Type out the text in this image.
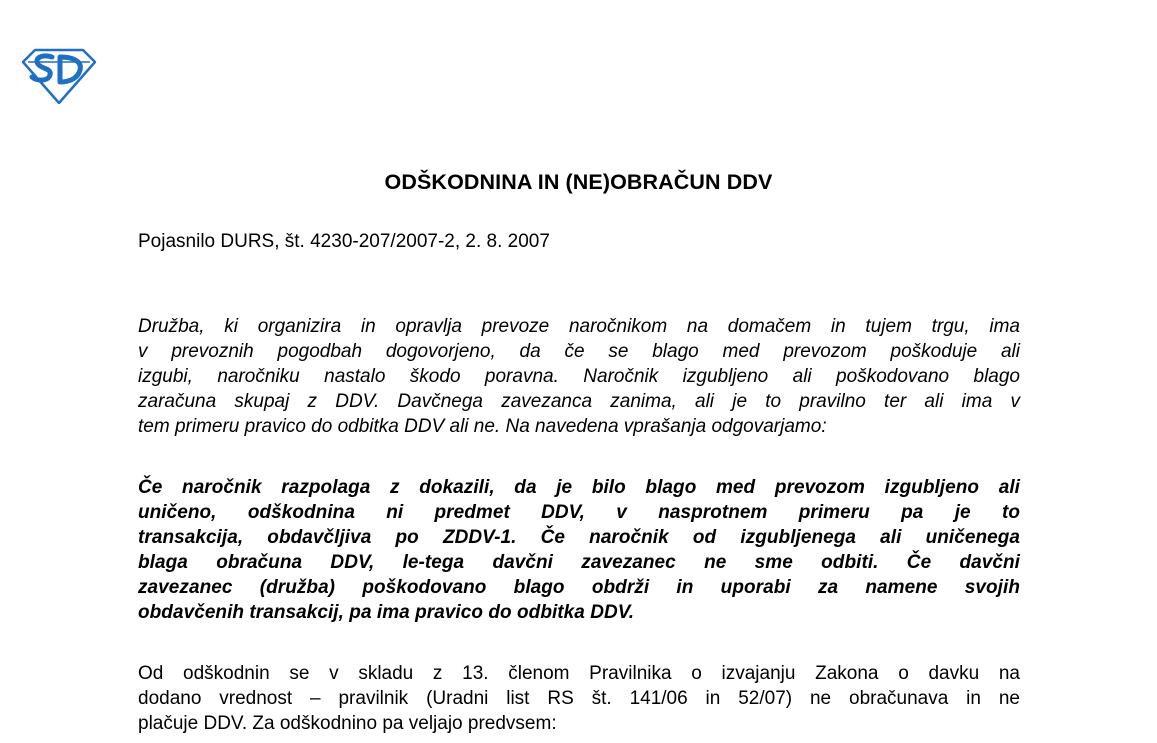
ODŠKODNINA IN (NE)OBRAČUN DDV

Pojasnilo DURS, št. 4230-207/2007-2, 2. 8. 2007

Družba, ki organizira in opravlja prevoze naročnikom na domačem in tujem trgu, ima
v prevoznih pogodbah dogovorjeno, da če se blago med prevozom poškoduje ali
izgubi, naročniku nastalo škodo poravna. Naročnik izgubljeno ali poškodovano blago
zaračuna skupaj z DDV. Davčnega zavezanca zanima, ali je to pravilno ter ali ima v
tem primeru pravico do odbitka DDV ali ne. Na navedena vprašanja odgovarjamo:

Če naročnik razpolaga z dokazili, da je bilo blago med prevozom izgubljeno ali
uničeno, odškodnina ni predmet DDV, v nasprotnem primeru pa je to
transakcija, obdavčljiva po ZDDV-1. Če naročnik od izgubljenega ali uničenega
blaga obračuna DDV, le-tega davčni zavezanec ne sme odbiti. Če davčni
zavezanec (družba) poškodovano blago obdrži in uporabi za namene svojih
obdavčenih transakcij, pa ima pravico do odbitka DDV.

Od odškodnin se v skladu z 13. členom Pravilnika o izvajanju Zakona o davku na
dodano vrednost – pravilnik (Uradni list RS št. 141/06 in 52/07) ne obračunava in ne
plačuje DDV. Za odškodnino pa veljajo predvsem:
